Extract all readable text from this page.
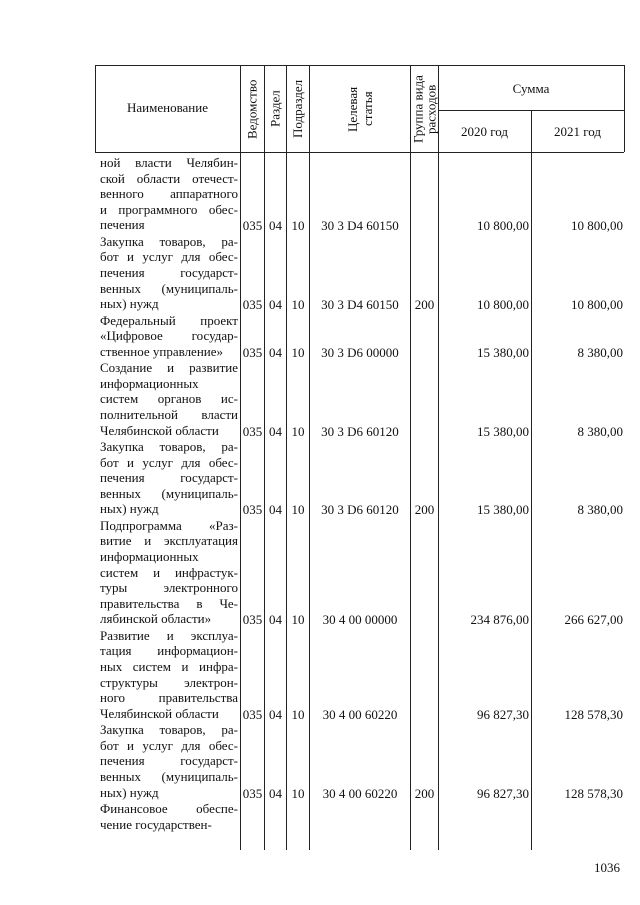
Наименование	Ведомство Раздел Подраздел	Целевая статья	Группа вида расходов	Сумма
2020 год	2021 год
ной власти Челябин-
ской области отечест-
венного аппаратного
и программного обес-
печения	035 04 10	30 3 D4 60150	10 800,00	10 800,00
Закупка товаров, ра-
бот и услуг для обес-
печения государст-
венных (муниципаль-
ных) нужд	035 04 10	30 3 D4 60150	200	10 800,00	10 800,00
Федеральный проект
«Цифровое государ-
ственное управление»	035 04 10	30 3 D6 00000	15 380,00	8 380,00
Создание и развитие
информационных
систем органов ис-
полнительной власти
Челябинской области	035 04 10	30 3 D6 60120	15 380,00	8 380,00
Закупка товаров, ра-
бот и услуг для обес-
печения государст-
венных (муниципаль-
ных) нужд	035 04 10	30 3 D6 60120	200	15 380,00	8 380,00
Подпрограмма «Раз-
витие и эксплуатация
информационных
систем и инфрастук-
туры электронного
правительства в Че-
лябинской области»	035 04 10	30 4 00 00000	234 876,00	266 627,00
Развитие и эксплуа-
тация информацион-
ных систем и инфра-
структуры электрон-
ного правительства
Челябинской области	035 04 10	30 4 00 60220	96 827,30	128 578,30
Закупка товаров, ра-
бот и услуг для обес-
печения государст-
венных (муниципаль-
ных) нужд	035 04 10	30 4 00 60220	200	96 827,30	128 578,30
Финансовое обеспе-
чение государствен-
1036
